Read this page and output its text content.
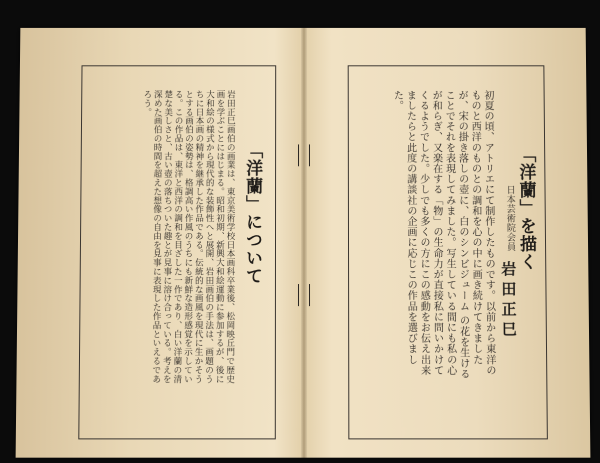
「洋蘭」を描く
日本芸術院会員
岩田正巳
初夏の頃、アトリエにて制作したものです。以前から東洋のものと西洋のものとの調和を心の中に画き続けてきましたが、宋の掛き落しの壺に、白のシンビジューム の花を生けることでそれを表現してみました。写生している間にも私の心が和らぎ、又楽在する「物」の生命力が直接私に問いかけてくるようでした。少しでも多くの方にこの感動をお伝え出来ましたらと此度の講談社の企画に応じこの作品を選びました。
「洋蘭」について
岩田正巳画伯の画業は、東京美術学校日本画科卒業後、松岡映丘門で歴史画を学ぶことにはじまる。昭和初期、新興大和絵運動に参加するが、後に大和絵の様式から現代的な装飾性へと展開、岩田画伯の手法は、画題のうちに日本画の精神を継承した作品である。伝統的な画風を現代に生かそうとする画伯の姿勢は、格調高い作風のうちにも新鮮な造形感覚を示している。この作品は、東洋と西洋の調和を目ざした一作であり、白い洋蘭の清楚な美しさと、古い壺の落ちついた趣とが見事に溶け合っている。考えを深めた画伯の時間を超えた想像の自由を見事に表現した作品といえるであろう。
